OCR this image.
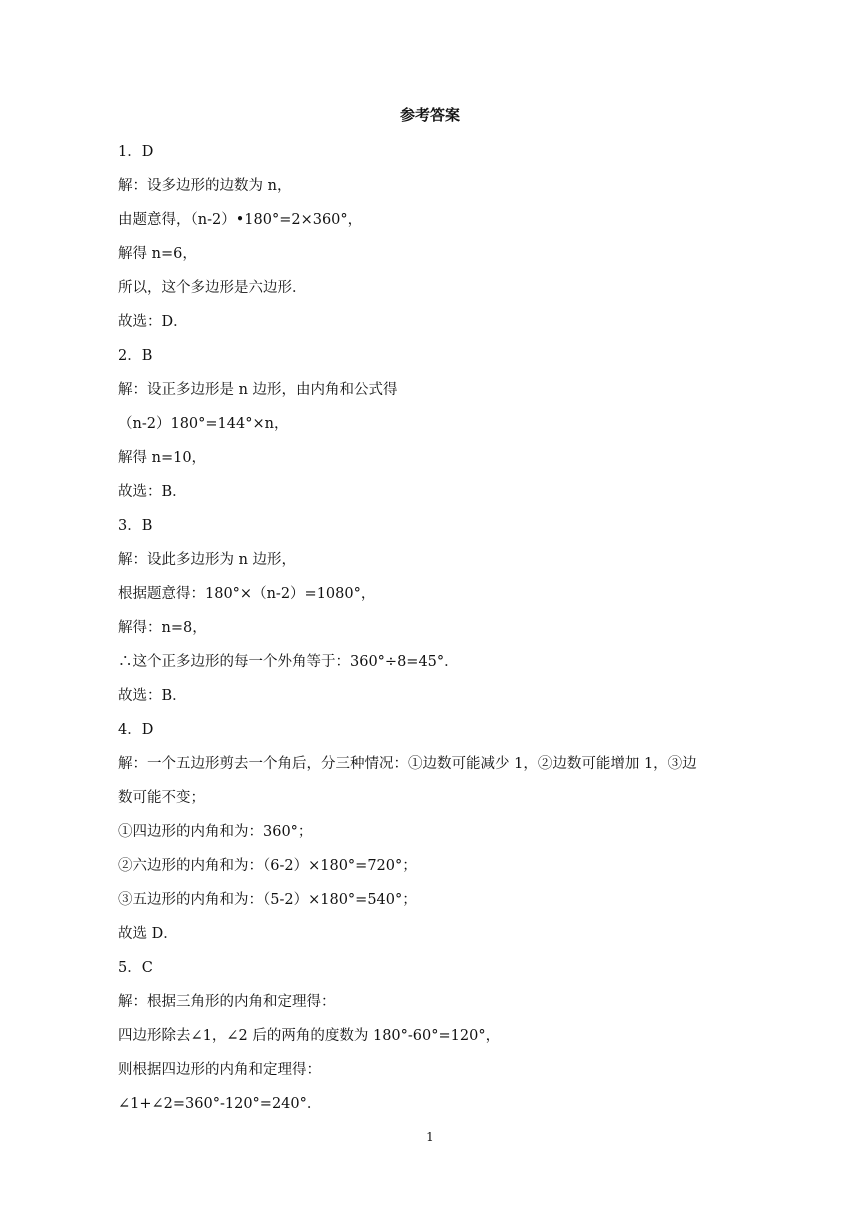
参考答案
1．D
解：设多边形的边数为 n，
由题意得，（n-2）•180°=2×360°，
解得 n=6，
所以，这个多边形是六边形．
故选：D．
2．B
解：设正多边形是 n 边形，由内角和公式得
（n-2）180°=144°×n，
解得 n=10，
故选：B．
3．B
解：设此多边形为 n 边形，
根据题意得：180°×（n-2）=1080°，
解得：n=8，
∴这个正多边形的每一个外角等于：360°÷8=45°．
故选：B．
4．D
解：一个五边形剪去一个角后，分三种情况：①边数可能减少 1，②边数可能增加 1，③边
数可能不变；
①四边形的内角和为：360°；
②六边形的内角和为：（6-2）×180°=720°；
③五边形的内角和为：（5-2）×180°=540°；
故选 D．
5．C
解：根据三角形的内角和定理得：
四边形除去∠1，∠2 后的两角的度数为 180°-60°=120°，
则根据四边形的内角和定理得：
∠1+∠2=360°-120°=240°．
1
